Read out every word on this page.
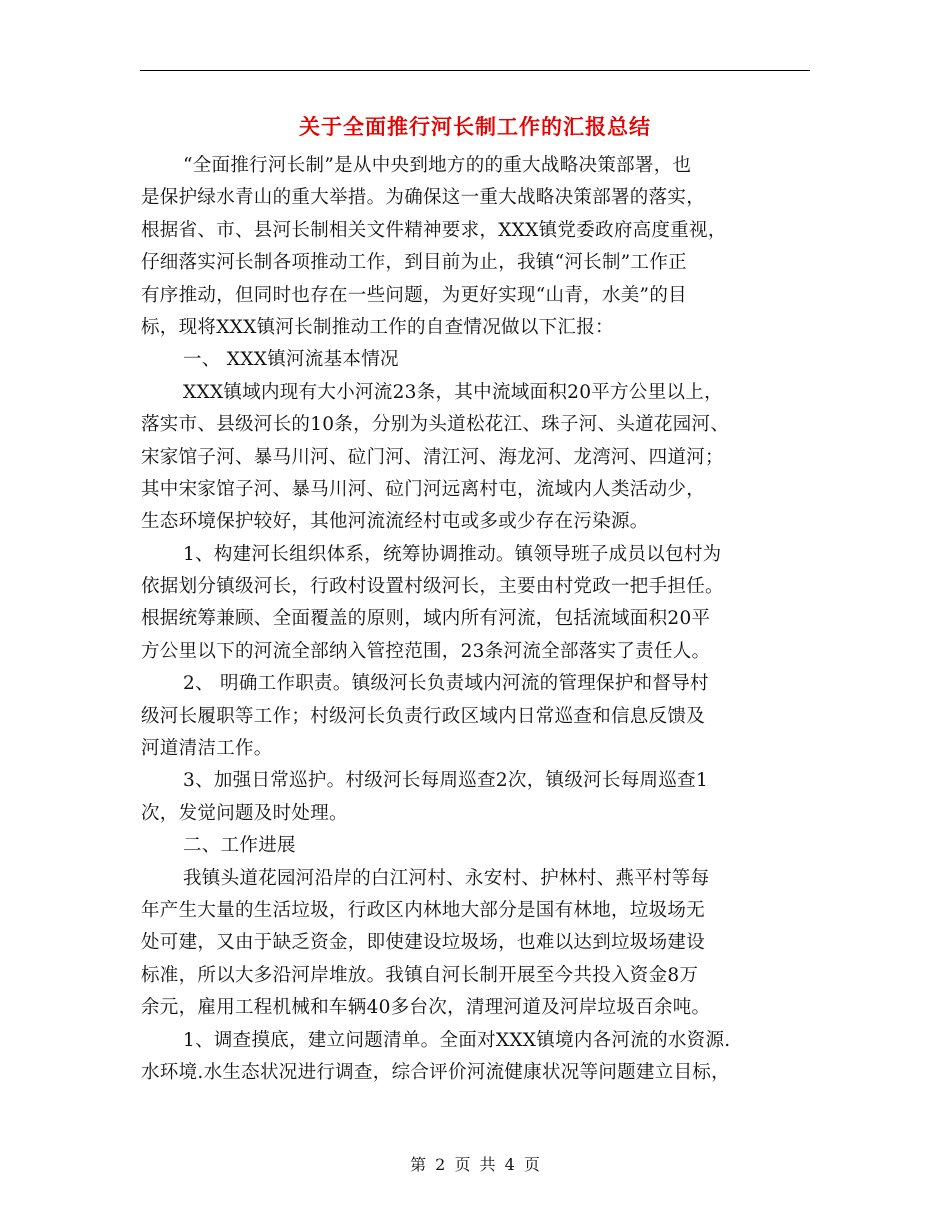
关于全面推行河长制工作的汇报总结
“全面推行河长制”是从中央到地方的的重大战略决策部署，也
是保护绿水青山的重大举措。为确保这一重大战略决策部署的落实，
根据省、市、县河长制相关文件精神要求，XXX镇党委政府高度重视，
仔细落实河长制各项推动工作，到目前为止，我镇“河长制”工作正
有序推动，但同时也存在一些问题，为更好实现“山青，水美”的目
标，现将XXX镇河长制推动工作的自查情况做以下汇报：
一、 XXX镇河流基本情况
XXX镇域内现有大小河流23条，其中流域面积20平方公里以上，
落实市、县级河长的10条，分别为头道松花江、珠子河、头道花园河、
宋家馆子河、暴马川河、砬门河、清江河、海龙河、龙湾河、四道河；
其中宋家馆子河、暴马川河、砬门河远离村屯，流域内人类活动少，
生态环境保护较好，其他河流流经村屯或多或少存在污染源。
1、构建河长组织体系，统筹协调推动。镇领导班子成员以包村为
依据划分镇级河长，行政村设置村级河长，主要由村党政一把手担任。
根据统筹兼顾、全面覆盖的原则，域内所有河流，包括流域面积20平
方公里以下的河流全部纳入管控范围，23条河流全部落实了责任人。
2、 明确工作职责。镇级河长负责域内河流的管理保护和督导村
级河长履职等工作；村级河长负责行政区域内日常巡查和信息反馈及
河道清洁工作。
3、加强日常巡护。村级河长每周巡查2次，镇级河长每周巡查1
次，发觉问题及时处理。
二、工作进展
我镇头道花园河沿岸的白江河村、永安村、护林村、燕平村等每
年产生大量的生活垃圾，行政区内林地大部分是国有林地，垃圾场无
处可建，又由于缺乏资金，即使建设垃圾场，也难以达到垃圾场建设
标准，所以大多沿河岸堆放。我镇自河长制开展至今共投入资金8万
余元，雇用工程机械和车辆40多台次，清理河道及河岸垃圾百余吨。
1、调查摸底，建立问题清单。全面对XXX镇境内各河流的水资源.
水环境.水生态状况进行调查，综合评价河流健康状况等问题建立目标，
第 2 页 共 4 页
